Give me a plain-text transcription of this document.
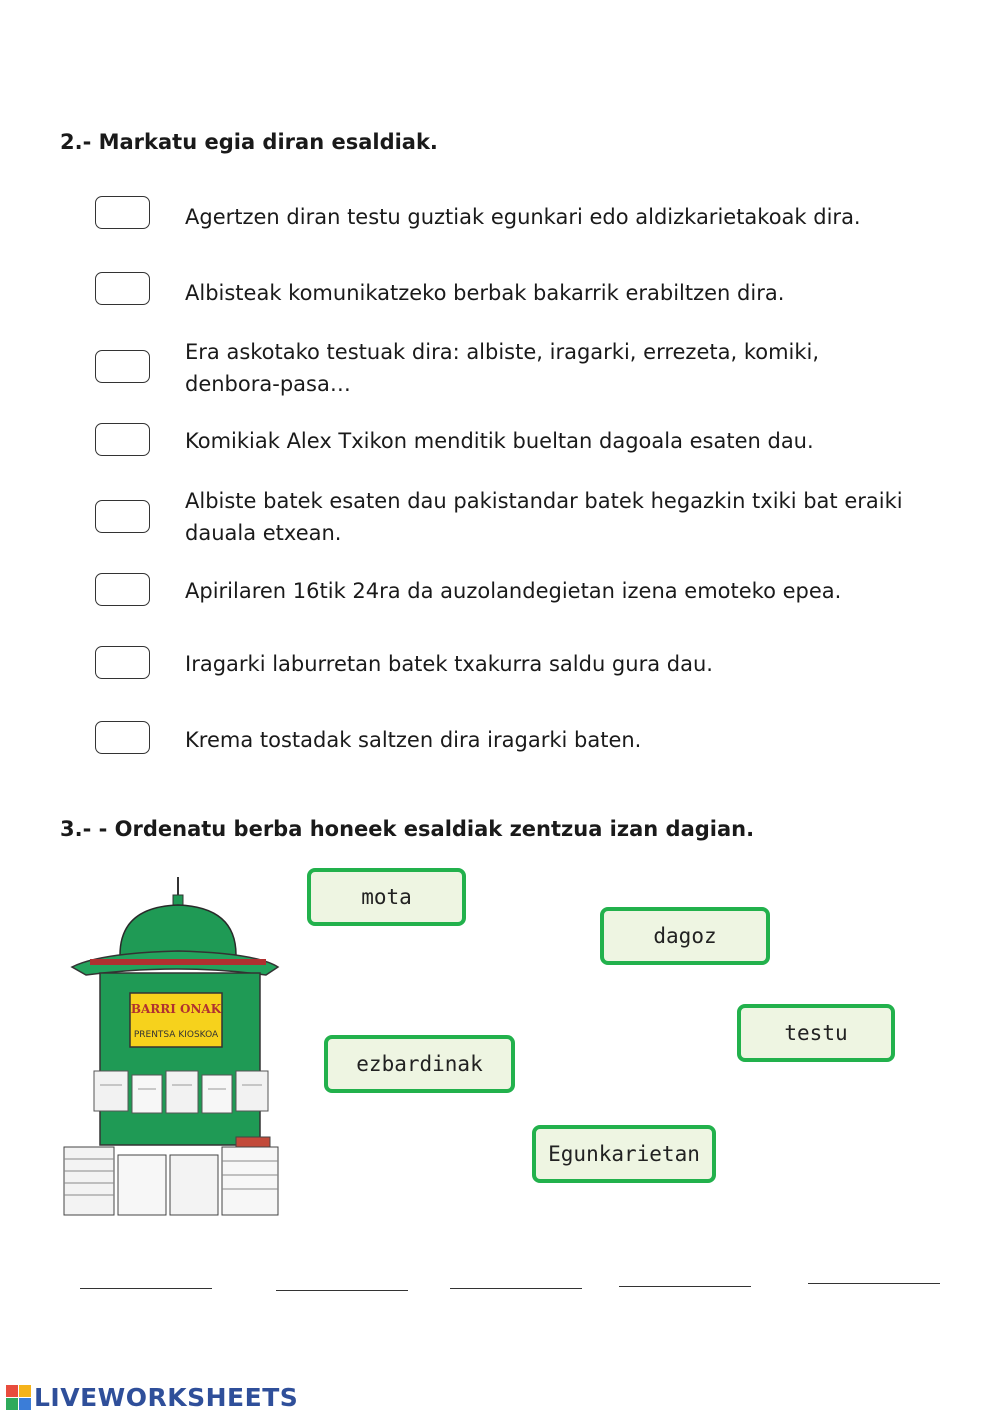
2.- Markatu egia diran esaldiak.
Agertzen diran testu guztiak egunkari edo aldizkarietakoak dira.
Albisteak komunikatzeko berbak bakarrik erabiltzen dira.
Era askotako testuak dira: albiste, iragarki, errezeta, komiki, denbora-pasa…
Komikiak Alex Txikon menditik bueltan dagoala esaten dau.
Albiste batek esaten dau pakistandar batek hegazkin txiki bat eraiki dauala etxean.
Apirilaren 16tik 24ra da auzolandegietan izena emoteko epea.
Iragarki laburretan batek txakurra saldu gura dau.
Krema tostadak saltzen dira iragarki baten.
3.- - Ordenatu berba honeek esaldiak zentzua izan dagian.
BARRI ONAK
PRENTSA KIOSKOA
mota
dagoz
testu
ezbardinak
Egunkarietan
LIVEWORKSHEETS
